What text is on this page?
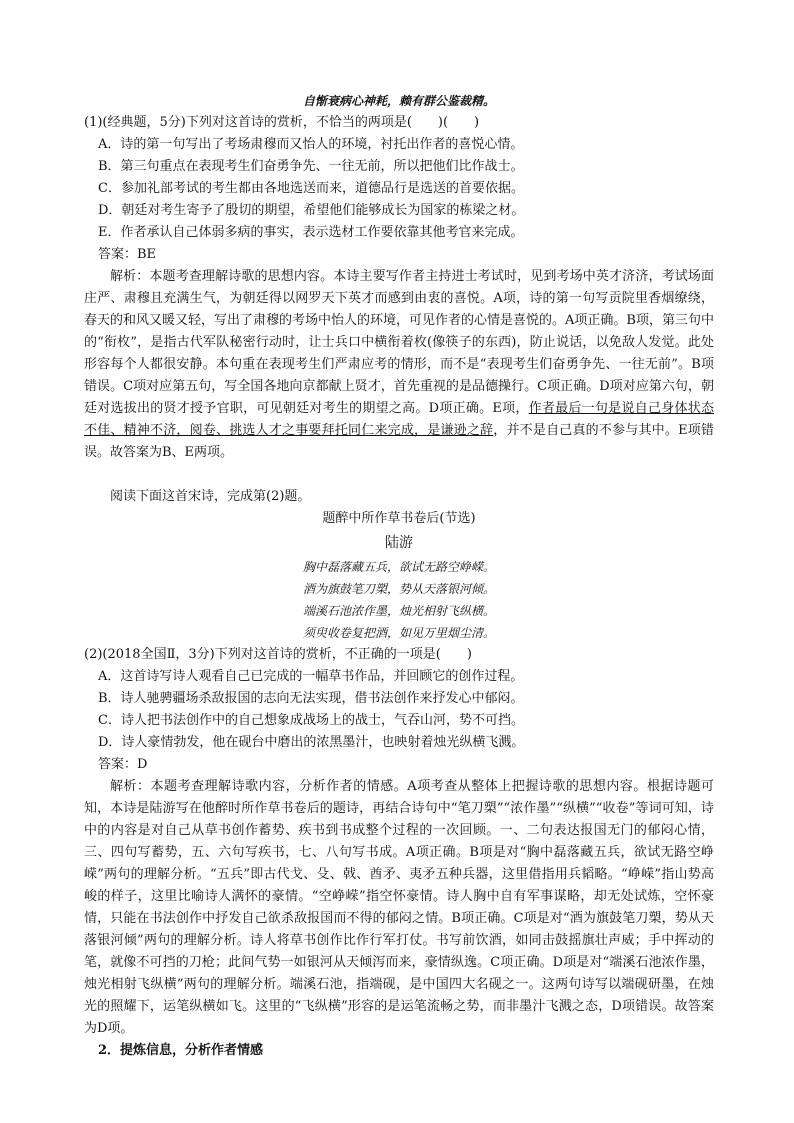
自惭衰病心神耗，赖有群公鉴裁精。

(1)(经典题，5分)下列对这首诗的赏析，不恰当的两项是(　　)(　　)

A．诗的第一句写出了考场肃穆而又怡人的环境，衬托出作者的喜悦心情。

B．第三句重点在表现考生们奋勇争先、一往无前，所以把他们比作战士。

C．参加礼部考试的考生都由各地选送而来，道德品行是选送的首要依据。

D．朝廷对考生寄予了殷切的期望，希望他们能够成长为国家的栋梁之材。

E．作者承认自己体弱多病的事实，表示选材工作要依靠其他考官来完成。

答案：BE

解析：本题考查理解诗歌的思想内容。本诗主要写作者主持进士考试时，见到考场中英才济济，考试场面庄严、肃穆且充满生气，为朝廷得以网罗天下英才而感到由衷的喜悦。A项，诗的第一句写贡院里香烟缭绕，春天的和风又暖又轻，写出了肃穆的考场中怡人的环境，可见作者的心情是喜悦的。A项正确。B项，第三句中的“衔枚”，是指古代军队秘密行动时，让士兵口中横衔着枚(像筷子的东西)，防止说话，以免敌人发觉。此处形容每个人都很安静。本句重在表现考生们严肃应考的情形，而不是“表现考生们奋勇争先、一往无前”。B项错误。C项对应第五句，写全国各地向京都献上贤才，首先重视的是品德操行。C项正确。D项对应第六句，朝廷对选拔出的贤才授予官职，可见朝廷对考生的期望之高。D项正确。E项，作者最后一句是说自己身体状态不佳、精神不济，阅卷、挑选人才之事要拜托同仁来完成，是谦逊之辞，并不是自己真的不参与其中。E项错误。故答案为B、E两项。

阅读下面这首宋诗，完成第(2)题。

题醉中所作草书卷后(节选)

陆游

胸中磊落藏五兵，欲试无路空峥嵘。

酒为旗鼓笔刀槊，势从天落银河倾。

端溪石池浓作墨，烛光相射飞纵横。

须臾收卷复把酒，如见万里烟尘清。

(2)(2018全国Ⅱ，3分)下列对这首诗的赏析，不正确的一项是(　　)

A．这首诗写诗人观看自己已完成的一幅草书作品，并回顾它的创作过程。

B．诗人驰骋疆场杀敌报国的志向无法实现，借书法创作来抒发心中郁闷。

C．诗人把书法创作中的自己想象成战场上的战士，气吞山河，势不可挡。

D．诗人豪情勃发，他在砚台中磨出的浓黑墨汁，也映射着烛光纵横飞溅。

答案：D

解析：本题考查理解诗歌内容，分析作者的情感。A项考查从整体上把握诗歌的思想内容。根据诗题可知，本诗是陆游写在他醉时所作草书卷后的题诗，再结合诗句中“笔刀槊”“浓作墨”“纵横”“收卷”等词可知，诗中的内容是对自己从草书创作蓄势、疾书到书成整个过程的一次回顾。一、二句表达报国无门的郁闷心情，三、四句写蓄势，五、六句写疾书，七、八句写书成。A项正确。B项是对“胸中磊落藏五兵，欲试无路空峥嵘”两句的理解分析。“五兵”即古代戈、殳、戟、酋矛、夷矛五种兵器，这里借指用兵韬略。“峥嵘”指山势高峻的样子，这里比喻诗人满怀的豪情。“空峥嵘”指空怀豪情。诗人胸中自有军事谋略，却无处试炼，空怀豪情，只能在书法创作中抒发自己欲杀敌报国而不得的郁闷之情。B项正确。C项是对“酒为旗鼓笔刀槊，势从天落银河倾”两句的理解分析。诗人将草书创作比作行军打仗。书写前饮酒，如同击鼓摇旗壮声威；手中挥动的笔，就像不可挡的刀枪；此间气势一如银河从天倾泻而来，豪情纵逸。C项正确。D项是对“端溪石池浓作墨，烛光相射飞纵横”两句的理解分析。端溪石池，指端砚，是中国四大名砚之一。这两句诗写以端砚研墨，在烛光的照耀下，运笔纵横如飞。这里的“飞纵横”形容的是运笔流畅之势，而非墨汁飞溅之态，D项错误。故答案为D项。

2．提炼信息，分析作者情感
